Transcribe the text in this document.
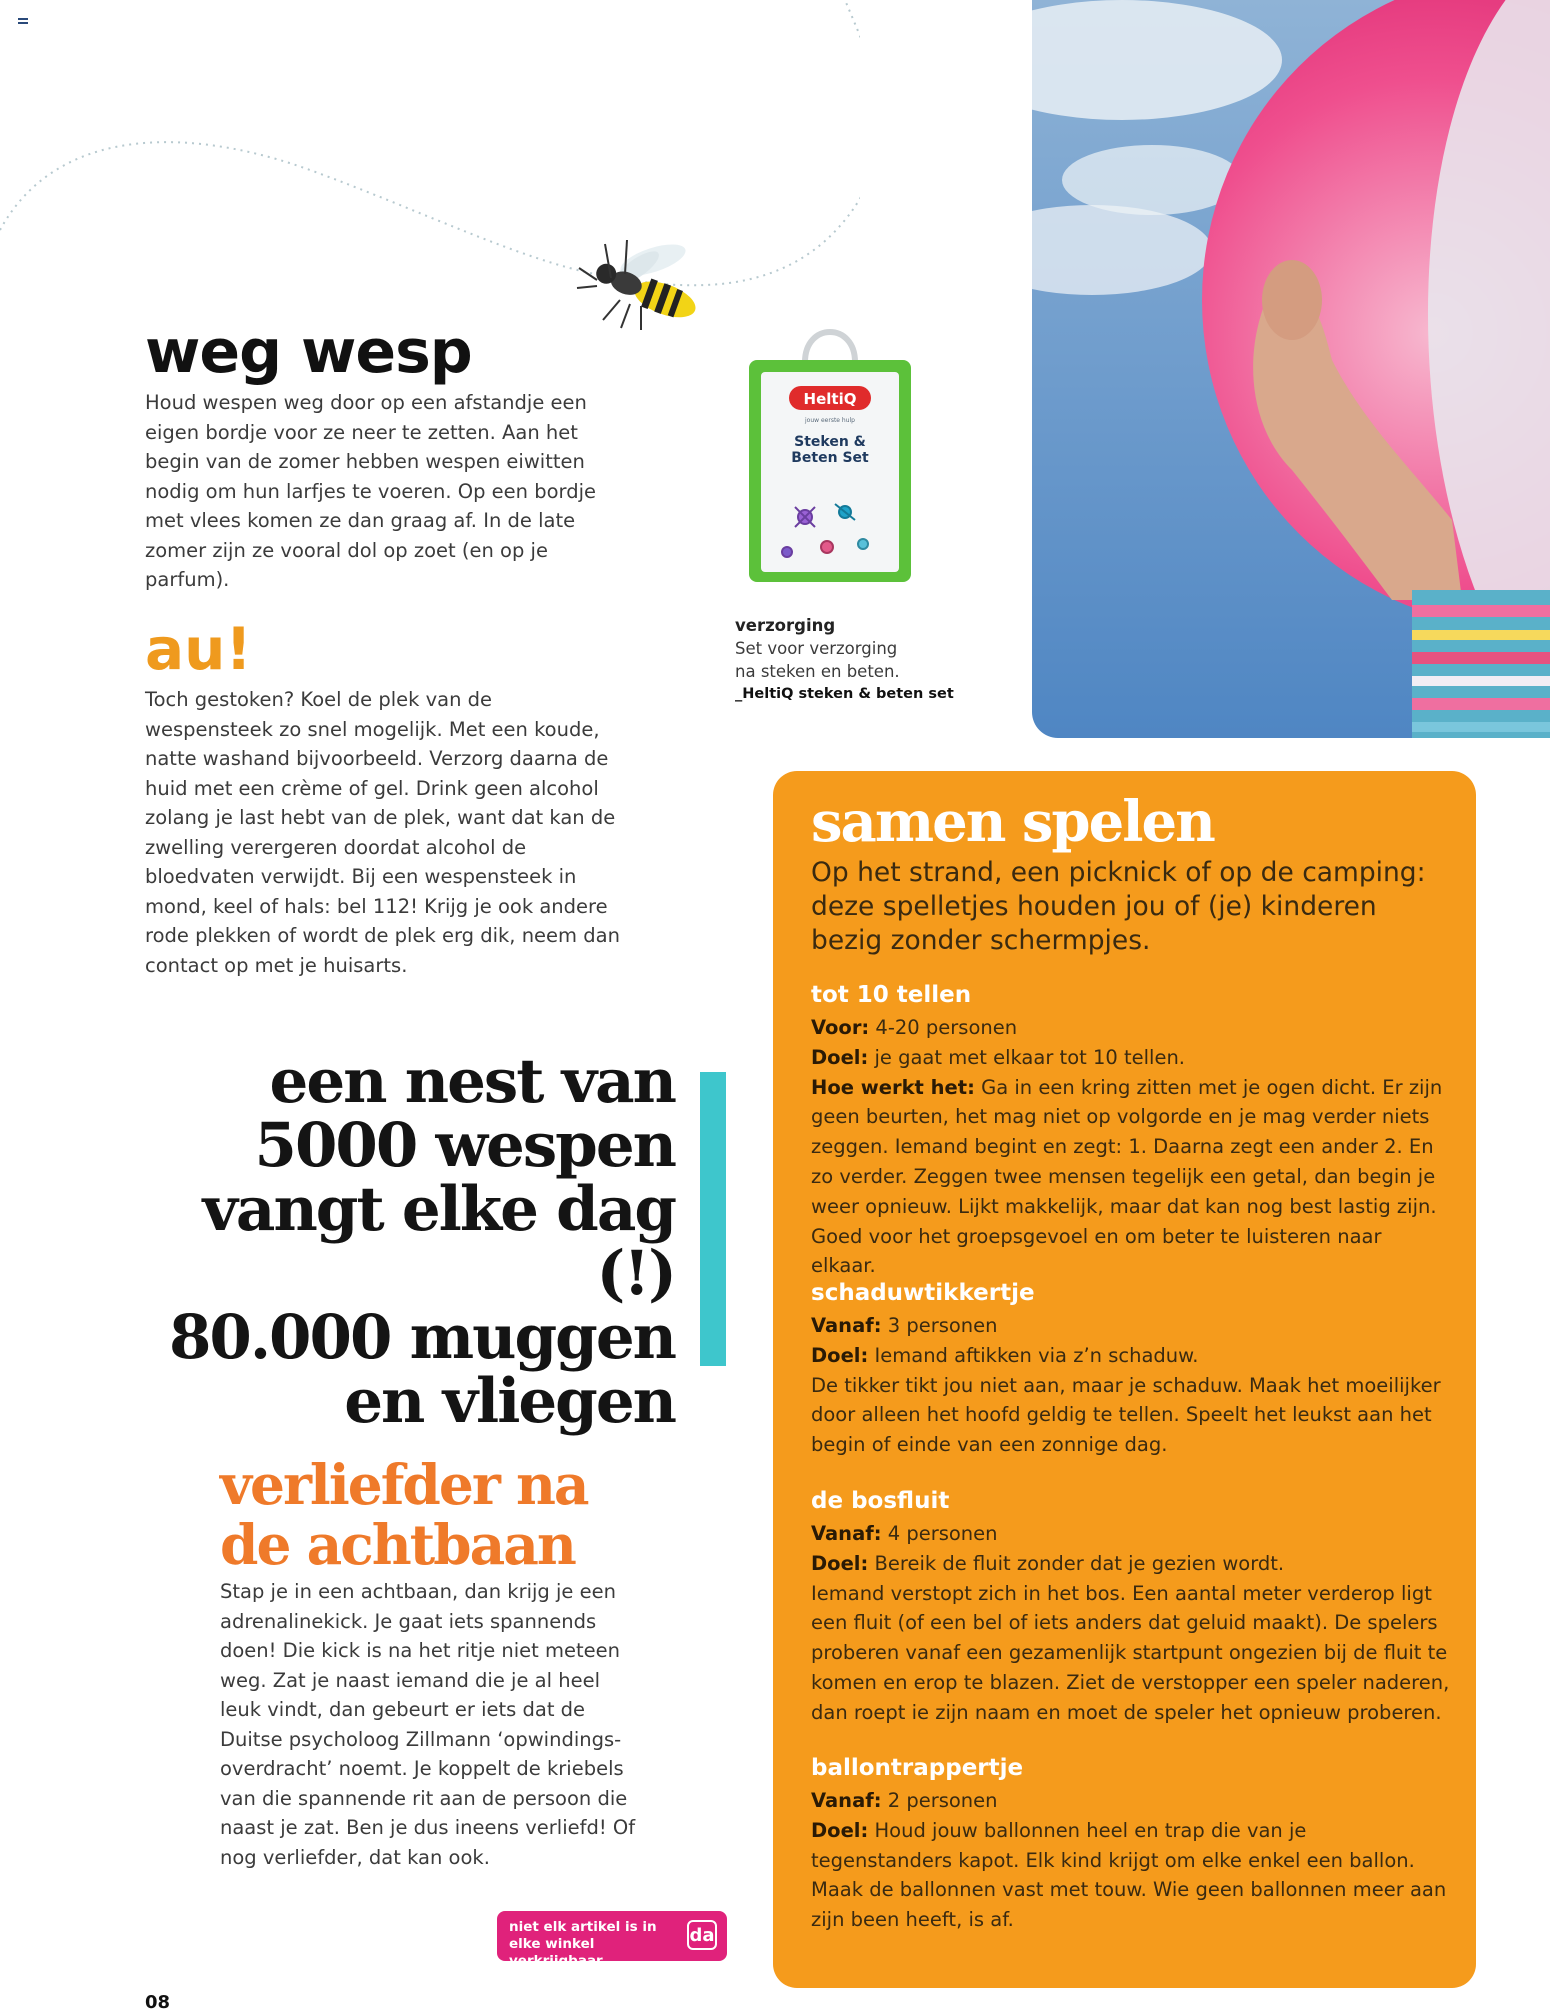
weg wesp

Houd wespen weg door op een afstandje een eigen bordje voor ze neer te zetten. Aan het begin van de zomer hebben wespen eiwitten nodig om hun larfjes te voeren. Op een bordje met vlees komen ze dan graag af. In de late zomer zijn ze vooral dol op zoet (en op je parfum).

au!

Toch gestoken? Koel de plek van de wespensteek zo snel mogelijk. Met een koude, natte washand bijvoorbeeld. Verzorg daarna de huid met een crème of gel. Drink geen alcohol zolang je last hebt van de plek, want dat kan de zwelling verergeren doordat alcohol de bloedvaten verwijdt. Bij een wespensteek in mond, keel of hals: bel 112! Krijg je ook andere rode plekken of wordt de plek erg dik, neem dan contact op met je huisarts.

HeltiQ
jouw eerste hulp
Steken &
Beten Set
verzorging
Set voor verzorging
na steken en beten.
_HeltiQ steken & beten set
een nest van
5000 wespen
vangt elke dag (!)
80.000 muggen
en vliegen
verliefder na
de achtbaan

Stap je in een achtbaan, dan krijg je een adrenalinekick. Je gaat iets spannends doen! Die kick is na het ritje niet meteen weg. Zat je naast iemand die je al heel leuk vindt, dan gebeurt er iets dat de Duitse psycholoog Zillmann ‘opwindings-overdracht’ noemt. Je koppelt de kriebels van die spannende rit aan de persoon die naast je zat. Ben je dus ineens verliefd! Of nog verliefder, dat kan ook.

niet elk artikel is in elke winkel verkrijgbaar
da
08
samen spelen
Op het strand, een picknick of op de camping: deze spelletjes houden jou of (je) kinderen bezig zonder schermpjes.
tot 10 tellen

Voor: 4-20 personen

Doel: je gaat met elkaar tot 10 tellen.

Hoe werkt het: Ga in een kring zitten met je ogen dicht. Er zijn geen beurten, het mag niet op volgorde en je mag verder niets zeggen. Iemand begint en zegt: 1. Daarna zegt een ander 2. En zo verder. Zeggen twee mensen tegelijk een getal, dan begin je weer opnieuw. Lijkt makkelijk, maar dat kan nog best lastig zijn. Goed voor het groepsgevoel en om beter te luisteren naar elkaar.

schaduwtikkertje

Vanaf: 3 personen

Doel: Iemand aftikken via z’n schaduw.

De tikker tikt jou niet aan, maar je schaduw. Maak het moeilijker door alleen het hoofd geldig te tellen. Speelt het leukst aan het begin of einde van een zonnige dag.

de bosfluit

Vanaf: 4 personen

Doel: Bereik de fluit zonder dat je gezien wordt.

Iemand verstopt zich in het bos. Een aantal meter verderop ligt een fluit (of een bel of iets anders dat geluid maakt). De spelers proberen vanaf een gezamenlijk startpunt ongezien bij de fluit te komen en erop te blazen. Ziet de verstopper een speler naderen, dan roept ie zijn naam en moet de speler het opnieuw proberen.

ballontrappertje

Vanaf: 2 personen

Doel: Houd jouw ballonnen heel en trap die van je tegenstanders kapot. Elk kind krijgt om elke enkel een ballon. Maak de ballonnen vast met touw. Wie geen ballonnen meer aan zijn been heeft, is af.
